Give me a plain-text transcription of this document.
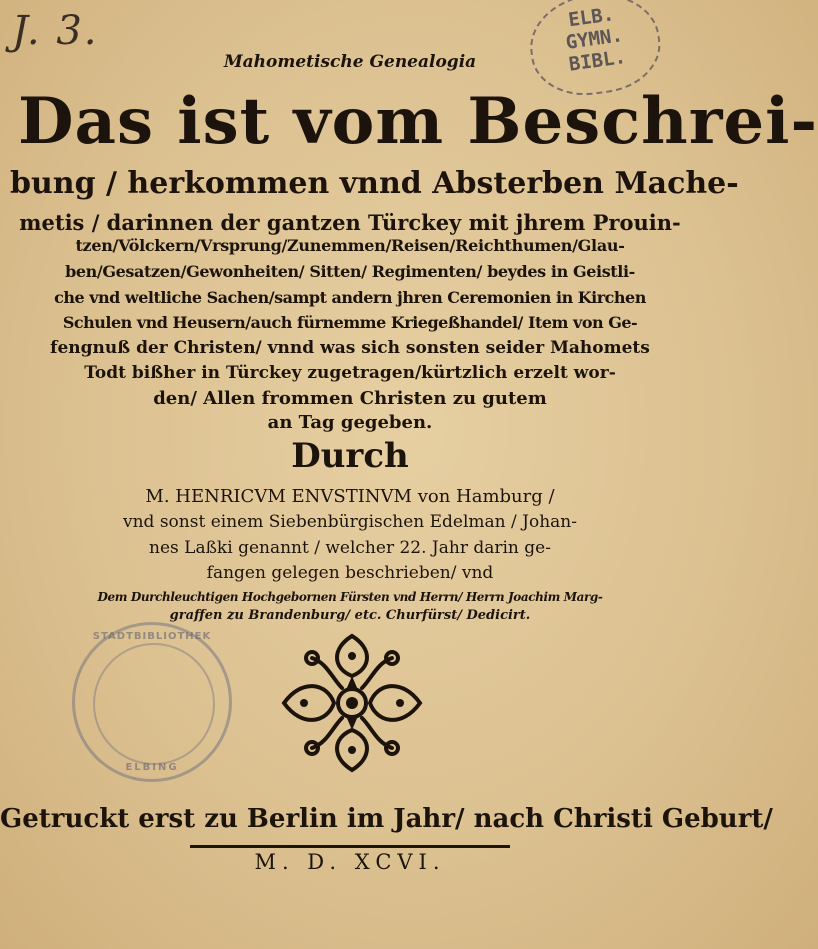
J. 3.	ELB.
GYMN.
BIBL.
Mahometische Genealogia
Das ist vom Beschrei-
bung / herkommen vnnd Absterben Mache-
metis / darinnen der gantzen Türckey mit jhrem Prouin-
tzen/Völckern/Vrsprung/Zunemmen/Reisen/Reichthumen/Glau-
ben/Gesatzen/Gewonheiten/ Sitten/ Regimenten/ beydes in Geistli-
che vnd weltliche Sachen/sampt andern jhren Ceremonien in Kirchen
Schulen vnd Heusern/auch fürnemme Kriegeßhandel/ Item von Ge-
fengnuß der Christen/ vnnd was sich sonsten seider Mahomets
Todt bißher in Türckey zugetragen/kürtzlich erzelt wor-
den/ Allen frommen Christen zu gutem
an Tag gegeben.
Durch
M. HENRICVM ENVSTINVM von Hamburg /
vnd sonst einem Siebenbürgischen Edelman / Johan-
nes Laßki genannt / welcher 22. Jahr darin ge-
fangen gelegen beschrieben/ vnd
Dem Durchleuchtigen Hochgebornen Fürsten vnd Herrn/ Herrn Joachim Marg-
graffen zu Brandenburg/ etc. Churfürst/ Dedicirt.
STADTBIBLIOTHEK
ELBING
Getruckt erst zu Berlin im Jahr/ nach Christi Geburt/
M. D. XCVI.
